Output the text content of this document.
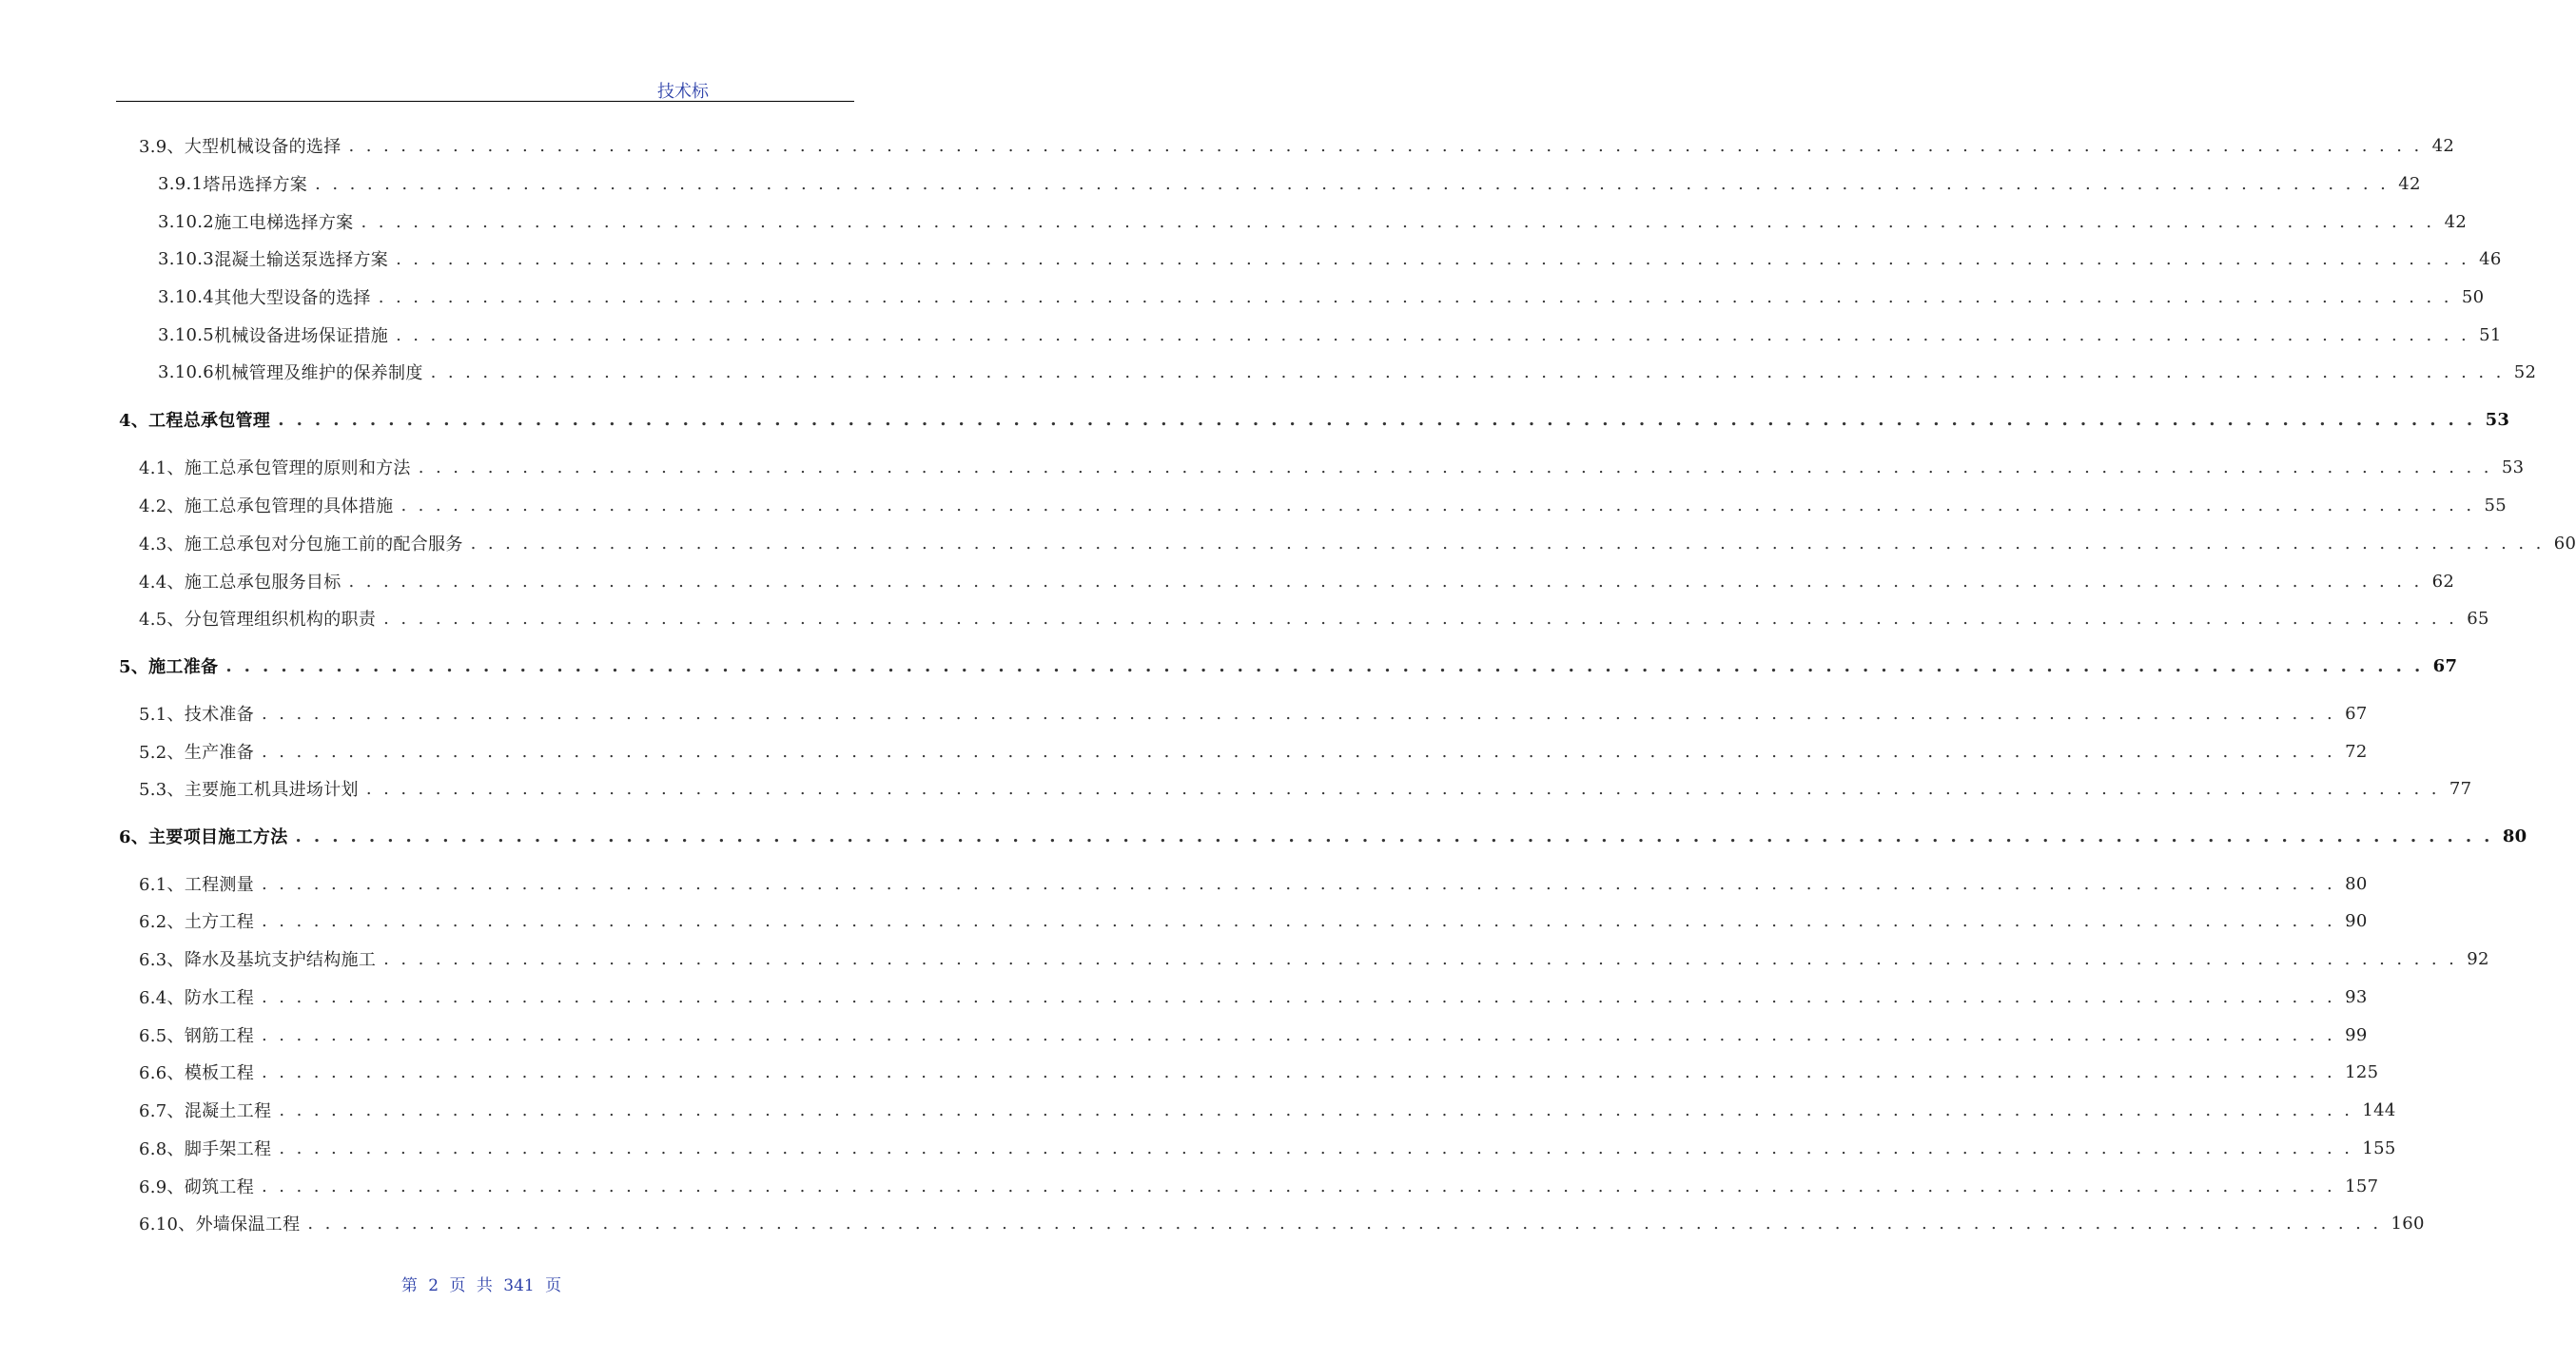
技术标
3.9、 大型机械设备的选择 . . . . . . . . . . . . . . . . . . . . . . . . . . . . . . . . . . . . . . . . . . . . . . . . . . . . . . . . . . . . . . . . . . . . . . . . . . . . . . . . . . . . . . . . . . . . . . . . . . . . . . . . . . . . . . . . . . . . . . . . 42
3.9.1 塔吊选择方案 . . . . . . . . . . . . . . . . . . . . . . . . . . . . . . . . . . . . . . . . . . . . . . . . . . . . . . . . . . . . . . . . . . . . . . . . . . . . . . . . . . . . . . . . . . . . . . . . . . . . . . . . . . . . . . . . . . . . . . . . 42
3.10.2 施工电梯选择方案 . . . . . . . . . . . . . . . . . . . . . . . . . . . . . . . . . . . . . . . . . . . . . . . . . . . . . . . . . . . . . . . . . . . . . . . . . . . . . . . . . . . . . . . . . . . . . . . . . . . . . . . . . . . . . . . . . . . . . . . . 42
3.10.3 混凝土输送泵选择方案 . . . . . . . . . . . . . . . . . . . . . . . . . . . . . . . . . . . . . . . . . . . . . . . . . . . . . . . . . . . . . . . . . . . . . . . . . . . . . . . . . . . . . . . . . . . . . . . . . . . . . . . . . . . . . . . . . . . . . . . . 46
3.10.4 其他大型设备的选择 . . . . . . . . . . . . . . . . . . . . . . . . . . . . . . . . . . . . . . . . . . . . . . . . . . . . . . . . . . . . . . . . . . . . . . . . . . . . . . . . . . . . . . . . . . . . . . . . . . . . . . . . . . . . . . . . . . . . . . . . 50
3.10.5 机械设备进场保证措施 . . . . . . . . . . . . . . . . . . . . . . . . . . . . . . . . . . . . . . . . . . . . . . . . . . . . . . . . . . . . . . . . . . . . . . . . . . . . . . . . . . . . . . . . . . . . . . . . . . . . . . . . . . . . . . . . . . . . . . . . 51
3.10.6 机械管理及维护的保养制度 . . . . . . . . . . . . . . . . . . . . . . . . . . . . . . . . . . . . . . . . . . . . . . . . . . . . . . . . . . . . . . . . . . . . . . . . . . . . . . . . . . . . . . . . . . . . . . . . . . . . . . . . . . . . . . . . . . . . . . . . 52
4、 工程总承包管理 . . . . . . . . . . . . . . . . . . . . . . . . . . . . . . . . . . . . . . . . . . . . . . . . . . . . . . . . . . . . . . . . . . . . . . . . . . . . . . . . . . . . . . . . . . . . . . . . . . . . . . . . . . . . . . . . . . . . . . . . 53
4.1、 施工总承包管理的原则和方法 . . . . . . . . . . . . . . . . . . . . . . . . . . . . . . . . . . . . . . . . . . . . . . . . . . . . . . . . . . . . . . . . . . . . . . . . . . . . . . . . . . . . . . . . . . . . . . . . . . . . . . . . . . . . . . . . . . . . . . . . 53
4.2、 施工总承包管理的具体措施 . . . . . . . . . . . . . . . . . . . . . . . . . . . . . . . . . . . . . . . . . . . . . . . . . . . . . . . . . . . . . . . . . . . . . . . . . . . . . . . . . . . . . . . . . . . . . . . . . . . . . . . . . . . . . . . . . . . . . . . . 55
4.3、 施工总承包对分包施工前的配合服务 . . . . . . . . . . . . . . . . . . . . . . . . . . . . . . . . . . . . . . . . . . . . . . . . . . . . . . . . . . . . . . . . . . . . . . . . . . . . . . . . . . . . . . . . . . . . . . . . . . . . . . . . . . . . . . . . . . . . . . . . 60
4.4、 施工总承包服务目标 . . . . . . . . . . . . . . . . . . . . . . . . . . . . . . . . . . . . . . . . . . . . . . . . . . . . . . . . . . . . . . . . . . . . . . . . . . . . . . . . . . . . . . . . . . . . . . . . . . . . . . . . . . . . . . . . . . . . . . . . 62
4.5、 分包管理组织机构的职责 . . . . . . . . . . . . . . . . . . . . . . . . . . . . . . . . . . . . . . . . . . . . . . . . . . . . . . . . . . . . . . . . . . . . . . . . . . . . . . . . . . . . . . . . . . . . . . . . . . . . . . . . . . . . . . . . . . . . . . . . 65
5、 施工准备 . . . . . . . . . . . . . . . . . . . . . . . . . . . . . . . . . . . . . . . . . . . . . . . . . . . . . . . . . . . . . . . . . . . . . . . . . . . . . . . . . . . . . . . . . . . . . . . . . . . . . . . . . . . . . . . . . . . . . . . . 67
5.1、 技术准备 . . . . . . . . . . . . . . . . . . . . . . . . . . . . . . . . . . . . . . . . . . . . . . . . . . . . . . . . . . . . . . . . . . . . . . . . . . . . . . . . . . . . . . . . . . . . . . . . . . . . . . . . . . . . . . . . . . . . . . . . 67
5.2、 生产准备 . . . . . . . . . . . . . . . . . . . . . . . . . . . . . . . . . . . . . . . . . . . . . . . . . . . . . . . . . . . . . . . . . . . . . . . . . . . . . . . . . . . . . . . . . . . . . . . . . . . . . . . . . . . . . . . . . . . . . . . . 72
5.3、 主要施工机具进场计划 . . . . . . . . . . . . . . . . . . . . . . . . . . . . . . . . . . . . . . . . . . . . . . . . . . . . . . . . . . . . . . . . . . . . . . . . . . . . . . . . . . . . . . . . . . . . . . . . . . . . . . . . . . . . . . . . . . . . . . . . 77
6、 主要项目施工方法 . . . . . . . . . . . . . . . . . . . . . . . . . . . . . . . . . . . . . . . . . . . . . . . . . . . . . . . . . . . . . . . . . . . . . . . . . . . . . . . . . . . . . . . . . . . . . . . . . . . . . . . . . . . . . . . . . . . . . . . . 80
6.1、 工程测量 . . . . . . . . . . . . . . . . . . . . . . . . . . . . . . . . . . . . . . . . . . . . . . . . . . . . . . . . . . . . . . . . . . . . . . . . . . . . . . . . . . . . . . . . . . . . . . . . . . . . . . . . . . . . . . . . . . . . . . . . 80
6.2、 土方工程 . . . . . . . . . . . . . . . . . . . . . . . . . . . . . . . . . . . . . . . . . . . . . . . . . . . . . . . . . . . . . . . . . . . . . . . . . . . . . . . . . . . . . . . . . . . . . . . . . . . . . . . . . . . . . . . . . . . . . . . . 90
6.3、 降水及基坑支护结构施工 . . . . . . . . . . . . . . . . . . . . . . . . . . . . . . . . . . . . . . . . . . . . . . . . . . . . . . . . . . . . . . . . . . . . . . . . . . . . . . . . . . . . . . . . . . . . . . . . . . . . . . . . . . . . . . . . . . . . . . . . 92
6.4、 防水工程 . . . . . . . . . . . . . . . . . . . . . . . . . . . . . . . . . . . . . . . . . . . . . . . . . . . . . . . . . . . . . . . . . . . . . . . . . . . . . . . . . . . . . . . . . . . . . . . . . . . . . . . . . . . . . . . . . . . . . . . . 93
6.5、 钢筋工程 . . . . . . . . . . . . . . . . . . . . . . . . . . . . . . . . . . . . . . . . . . . . . . . . . . . . . . . . . . . . . . . . . . . . . . . . . . . . . . . . . . . . . . . . . . . . . . . . . . . . . . . . . . . . . . . . . . . . . . . . 99
6.6、 模板工程 . . . . . . . . . . . . . . . . . . . . . . . . . . . . . . . . . . . . . . . . . . . . . . . . . . . . . . . . . . . . . . . . . . . . . . . . . . . . . . . . . . . . . . . . . . . . . . . . . . . . . . . . . . . . . . . . . . . . . . . . 125
6.7、 混凝土工程 . . . . . . . . . . . . . . . . . . . . . . . . . . . . . . . . . . . . . . . . . . . . . . . . . . . . . . . . . . . . . . . . . . . . . . . . . . . . . . . . . . . . . . . . . . . . . . . . . . . . . . . . . . . . . . . . . . . . . . . . 144
6.8、 脚手架工程 . . . . . . . . . . . . . . . . . . . . . . . . . . . . . . . . . . . . . . . . . . . . . . . . . . . . . . . . . . . . . . . . . . . . . . . . . . . . . . . . . . . . . . . . . . . . . . . . . . . . . . . . . . . . . . . . . . . . . . . . 155
6.9、 砌筑工程 . . . . . . . . . . . . . . . . . . . . . . . . . . . . . . . . . . . . . . . . . . . . . . . . . . . . . . . . . . . . . . . . . . . . . . . . . . . . . . . . . . . . . . . . . . . . . . . . . . . . . . . . . . . . . . . . . . . . . . . . 157
6.10、 外墙保温工程 . . . . . . . . . . . . . . . . . . . . . . . . . . . . . . . . . . . . . . . . . . . . . . . . . . . . . . . . . . . . . . . . . . . . . . . . . . . . . . . . . . . . . . . . . . . . . . . . . . . . . . . . . . . . . . . . . . . . . . . . 160
第 2 页 共 341 页
